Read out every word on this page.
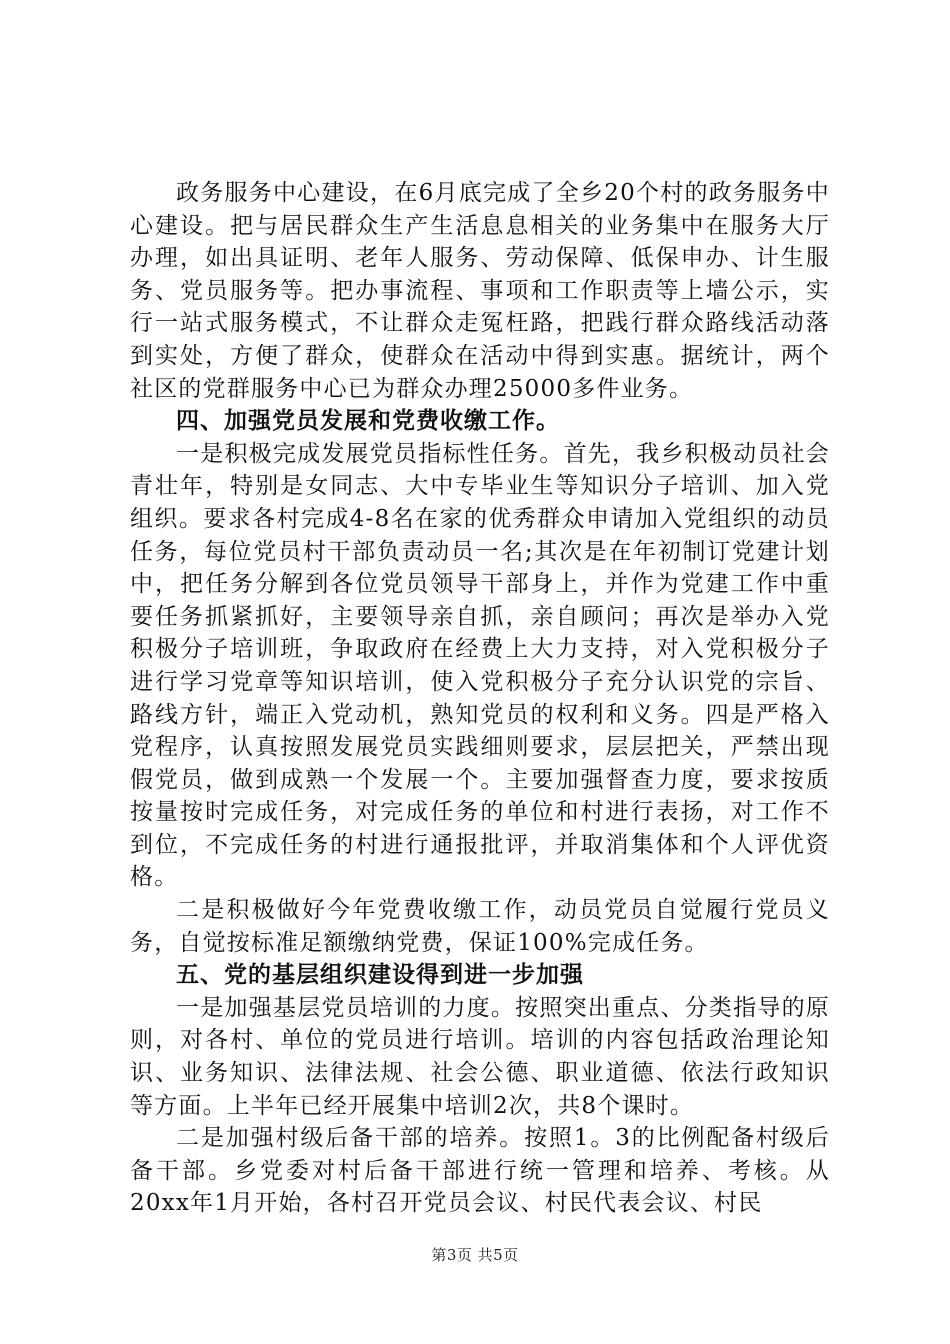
政务服务中心建设，在6月底完成了全乡20个村的政务服务中心建设。把与居民群众生产生活息息相关的业务集中在服务大厅办理，如出具证明、老年人服务、劳动保障、低保申办、计生服务、党员服务等。把办事流程、事项和工作职责等上墙公示，实行一站式服务模式，不让群众走冤枉路，把践行群众路线活动落到实处，方便了群众，使群众在活动中得到实惠。据统计，两个社区的党群服务中心已为群众办理25000多件业务。

四、加强党员发展和党费收缴工作。

一是积极完成发展党员指标性任务。首先，我乡积极动员社会青壮年，特别是女同志、大中专毕业生等知识分子培训、加入党组织。要求各村完成4-8名在家的优秀群众申请加入党组织的动员任务，每位党员村干部负责动员一名;其次是在年初制订党建计划中，把任务分解到各位党员领导干部身上，并作为党建工作中重要任务抓紧抓好，主要领导亲自抓，亲自顾问；再次是举办入党积极分子培训班，争取政府在经费上大力支持，对入党积极分子进行学习党章等知识培训，使入党积极分子充分认识党的宗旨、路线方针，端正入党动机，熟知党员的权利和义务。四是严格入党程序，认真按照发展党员实践细则要求，层层把关，严禁出现假党员，做到成熟一个发展一个。主要加强督查力度，要求按质按量按时完成任务，对完成任务的单位和村进行表扬，对工作不到位，不完成任务的村进行通报批评，并取消集体和个人评优资格。

二是积极做好今年党费收缴工作，动员党员自觉履行党员义务，自觉按标准足额缴纳党费，保证100%完成任务。

五、党的基层组织建设得到进一步加强

一是加强基层党员培训的力度。按照突出重点、分类指导的原则，对各村、单位的党员进行培训。培训的内容包括政治理论知识、业务知识、法律法规、社会公德、职业道德、依法行政知识等方面。上半年已经开展集中培训2次，共8个课时。

二是加强村级后备干部的培养。按照1。3的比例配备村级后备干部。乡党委对村后备干部进行统一管理和培养、考核。从20xx年1月开始，各村召开党员会议、村民代表会议、村民

第3页 共5页
